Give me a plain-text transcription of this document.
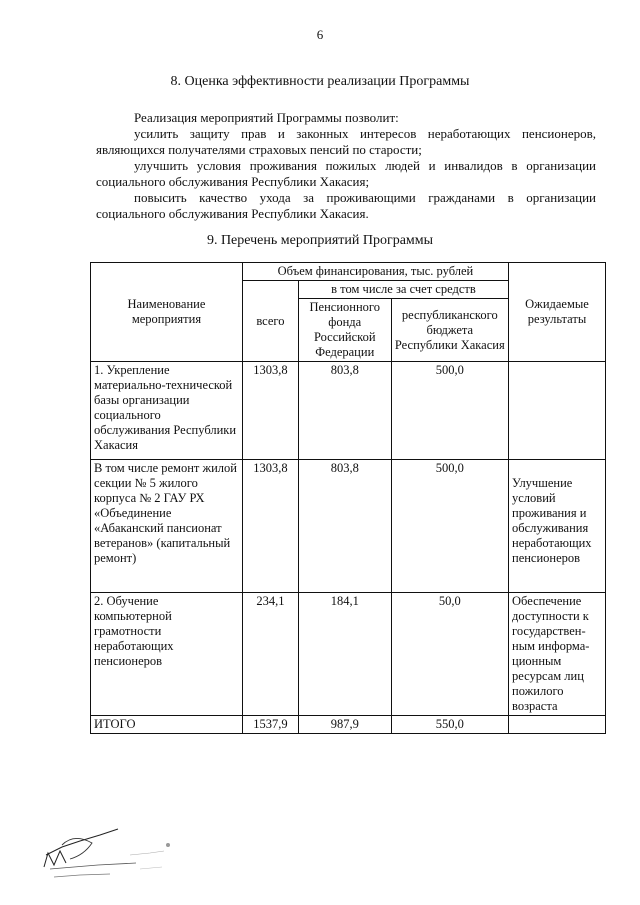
6
8. Оценка эффективности реализации Программы

Реализация мероприятий Программы позволит:

усилить защиту прав и законных интересов неработающих пенсионеров, являющихся получателями страховых пенсий по старости;

улучшить условия проживания пожилых людей и инвалидов в организации социального обслуживания Республики Хакасия;

повысить качество ухода за проживающими гражданами в организации социального обслуживания Республики Хакасия.

9. Перечень мероприятий Программы
Наименование мероприятия	Объем финансирования, тыс. рублей			Ожидаемые результаты
	всего	в том числе за счет средств		
		Пенсионного фонда Российской Федерации	республиканского бюджета Республики Хакасия	
1. Укрепление материально-технической базы организации социального обслуживания Республики Хакасия	1303,8	803,8	500,0	
В том числе ремонт жилой секции № 5 жилого корпуса № 2 ГАУ РХ «Объединение «Абаканский пансионат ветеранов» (капитальный ремонт)	1303,8	803,8	500,0	Улучшение условий проживания и обслуживания неработающих пенсионеров
2. Обучение компьютерной грамотности неработающих пенсионеров	234,1	184,1	50,0	Обеспечение доступности к государствен-ным информа-ционным ресурсам лиц пожилого возраста
ИТОГО	1537,9	987,9	550,0	
